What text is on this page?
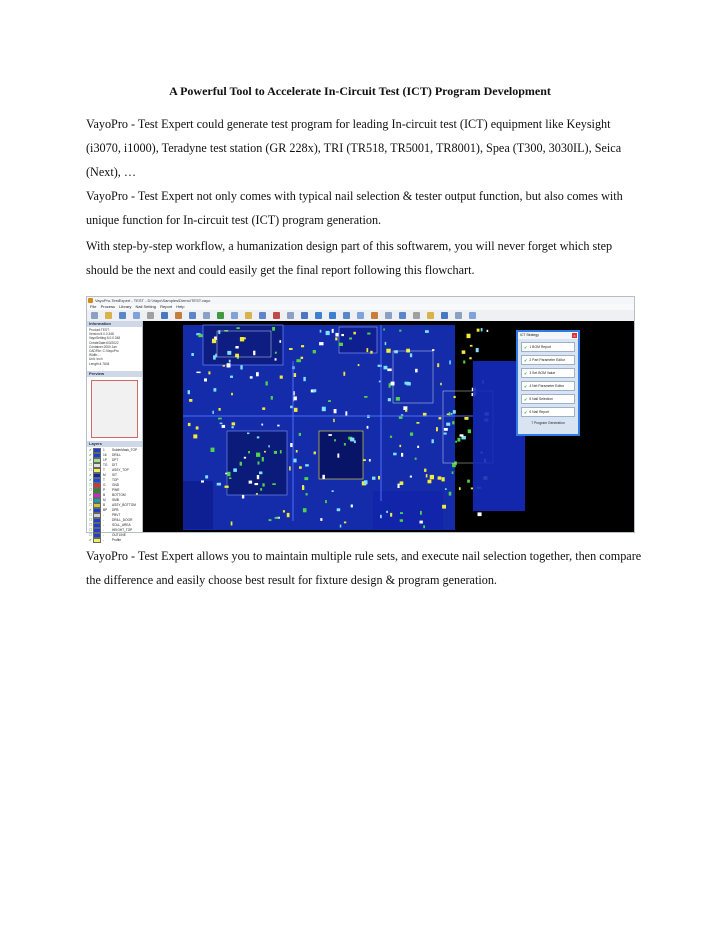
A Powerful Tool to Accelerate In-Circuit Test (ICT) Program Development

VayoPro - Test Expert could generate test program for leading In-circuit test (ICT) equipment like Keysight (i3070, i1000), Teradyne test station (GR 228x), TRI (TR518, TR5001, TR8001), Spea (T300, 3030IL), Seica (Next), …

VayoPro - Test Expert not only comes with typical nail selection & tester output function, but also comes with unique function for In-circuit test (ICT) program generation.

With step-by-step workflow, a humanization design part of this softwarem, you will never forget which step should be the next and could easily get the final report following this flowchart.

VayoPro-TestExpert - TEST - D:\Vayo\Samples\Demo\TEST.vayo
File Process Library Nail Setting Report Help
Information
Product:TEST
Version:5.0.0.348
VayoSetting:5.0.0.348
CreateDate:6/3/2022
Container:2000 Jan
CADFile: C:\VayoPro
Width:...
Unit: Inch
Length:4.7844
Preview
Layers
✔	1	SolderMask_TOP
✔	16	DRILL
✔	1P	DPT
☐	TG	DIT
☐	T	ASSY_TOP
✔	M	SIT
✔	T	TOP
☐	G	GND
☐	P	PWR
✔	B	BOTTOM
☐	M	SMB
☐	B	ASSY_BOTTOM
✔	BP	DPB
☐	-	PBVT
☐	-	DRILL_DOOR
☐	-	SOLL_AREA
☐	-	HEIGHT_TOP
☐	-	OUTLINE
✔	-	Profile
ICT Strategy	×
✔ 1 BOM Report
✔ 2 Part Parameter Editor
✔ 3 Set BOM Value
✔ 4 Net Parameter Editor
✔ 5 Nail Selection
✔ 6 Nail Report
7 Program Generation

VayoPro - Test Expert allows you to maintain multiple rule sets, and execute nail selection together, then compare the difference and easily choose best result for fixture design & program generation.
